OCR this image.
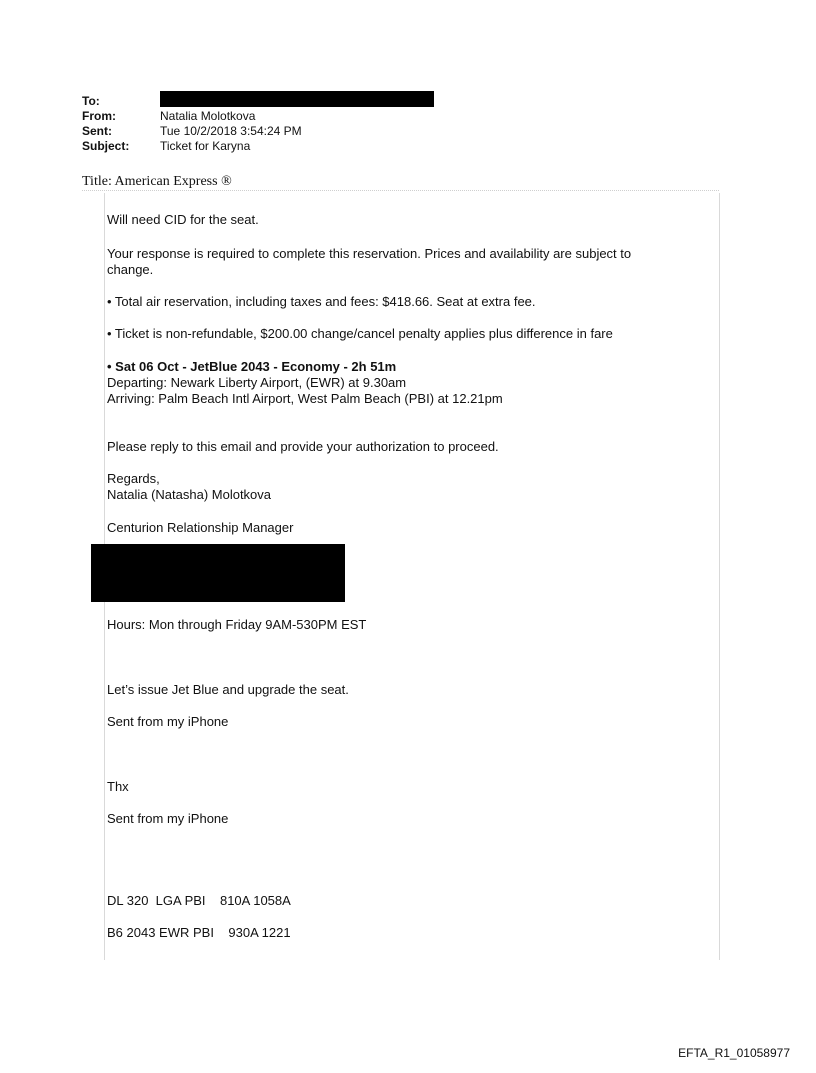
To:
From:	Natalia Molotkova
Sent:	Tue 10/2/2018 3:54:24 PM
Subject:	Ticket for Karyna
Title: American Express ®
Will need CID for the seat.
Your response is required to complete this reservation. Prices and availability are subject to
change.
• Total air reservation, including taxes and fees: $418.66. Seat at extra fee.
• Ticket is non-refundable, $200.00 change/cancel penalty applies plus difference in fare
• Sat 06 Oct - JetBlue 2043 - Economy - 2h 51m
Departing: Newark Liberty Airport, (EWR) at 9.30am
Arriving: Palm Beach Intl Airport, West Palm Beach (PBI) at 12.21pm
Please reply to this email and provide your authorization to proceed.
Regards,
Natalia (Natasha) Molotkova
Centurion Relationship Manager
Hours: Mon through Friday 9AM-530PM EST
Let’s issue Jet Blue and upgrade the seat.
Sent from my iPhone
Thx
Sent from my iPhone
DL 320  LGA PBI    810A 1058A
B6 2043 EWR PBI    930A 1221
EFTA_R1_01058977
